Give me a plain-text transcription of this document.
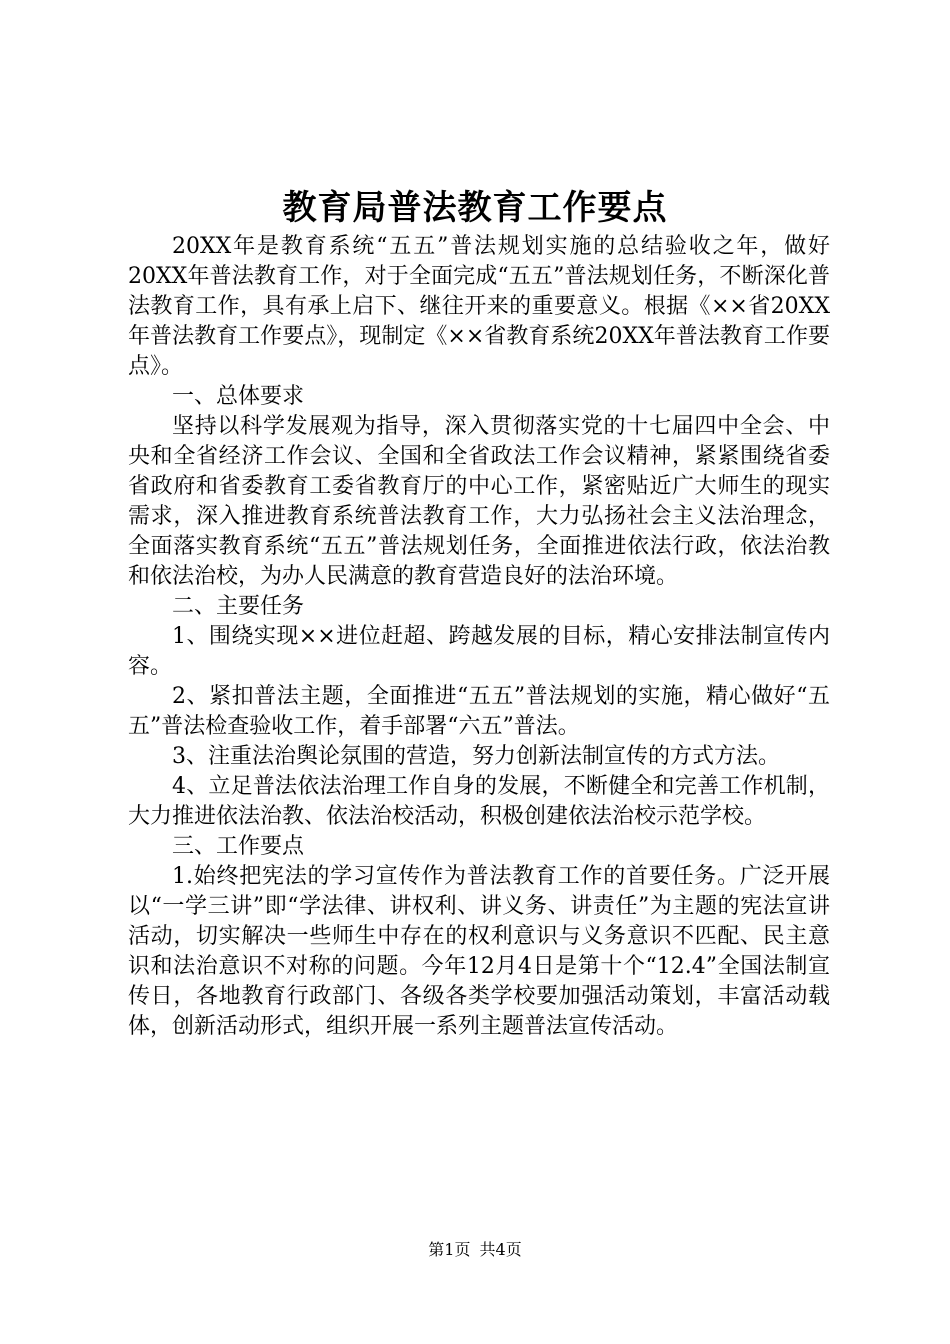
教育局普法教育工作要点

20XX年是教育系统“五五”普法规划实施的总结验收之年，做好20XX年普法教育工作，对于全面完成“五五”普法规划任务，不断深化普法教育工作，具有承上启下、继往开来的重要意义。根据《××省20XX年普法教育工作要点》，现制定《××省教育系统20XX年普法教育工作要点》。

一、总体要求

坚持以科学发展观为指导，深入贯彻落实党的十七届四中全会、中央和全省经济工作会议、全国和全省政法工作会议精神，紧紧围绕省委省政府和省委教育工委省教育厅的中心工作，紧密贴近广大师生的现实需求，深入推进教育系统普法教育工作，大力弘扬社会主义法治理念，全面落实教育系统“五五”普法规划任务，全面推进依法行政，依法治教和依法治校，为办人民满意的教育营造良好的法治环境。

二、主要任务

1、围绕实现××进位赶超、跨越发展的目标，精心安排法制宣传内容。

2、紧扣普法主题，全面推进“五五”普法规划的实施，精心做好“五五”普法检查验收工作，着手部署“六五”普法。

3、注重法治舆论氛围的营造，努力创新法制宣传的方式方法。

4、立足普法依法治理工作自身的发展，不断健全和完善工作机制，大力推进依法治教、依法治校活动，积极创建依法治校示范学校。

三、工作要点

1.始终把宪法的学习宣传作为普法教育工作的首要任务。广泛开展以“一学三讲”即“学法律、讲权利、讲义务、讲责任”为主题的宪法宣讲活动，切实解决一些师生中存在的权利意识与义务意识不匹配、民主意识和法治意识不对称的问题。今年12月4日是第十个“12.4”全国法制宣传日，各地教育行政部门、各级各类学校要加强活动策划，丰富活动载体，创新活动形式，组织开展一系列主题普法宣传活动。

第1页 共4页
